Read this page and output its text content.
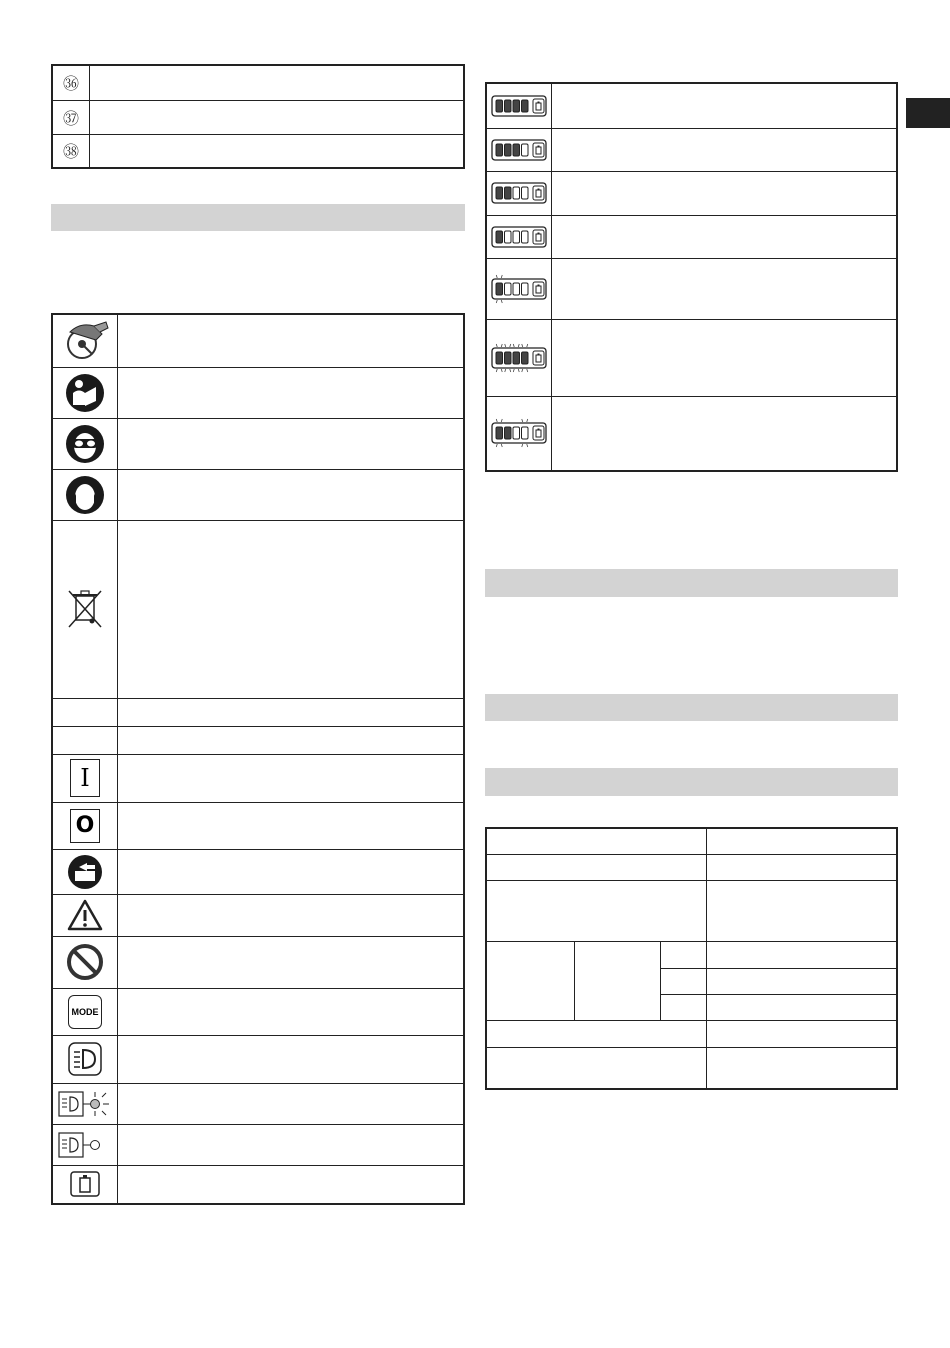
㊱	
㊲	
㊳	

I	

O	

MODE	
